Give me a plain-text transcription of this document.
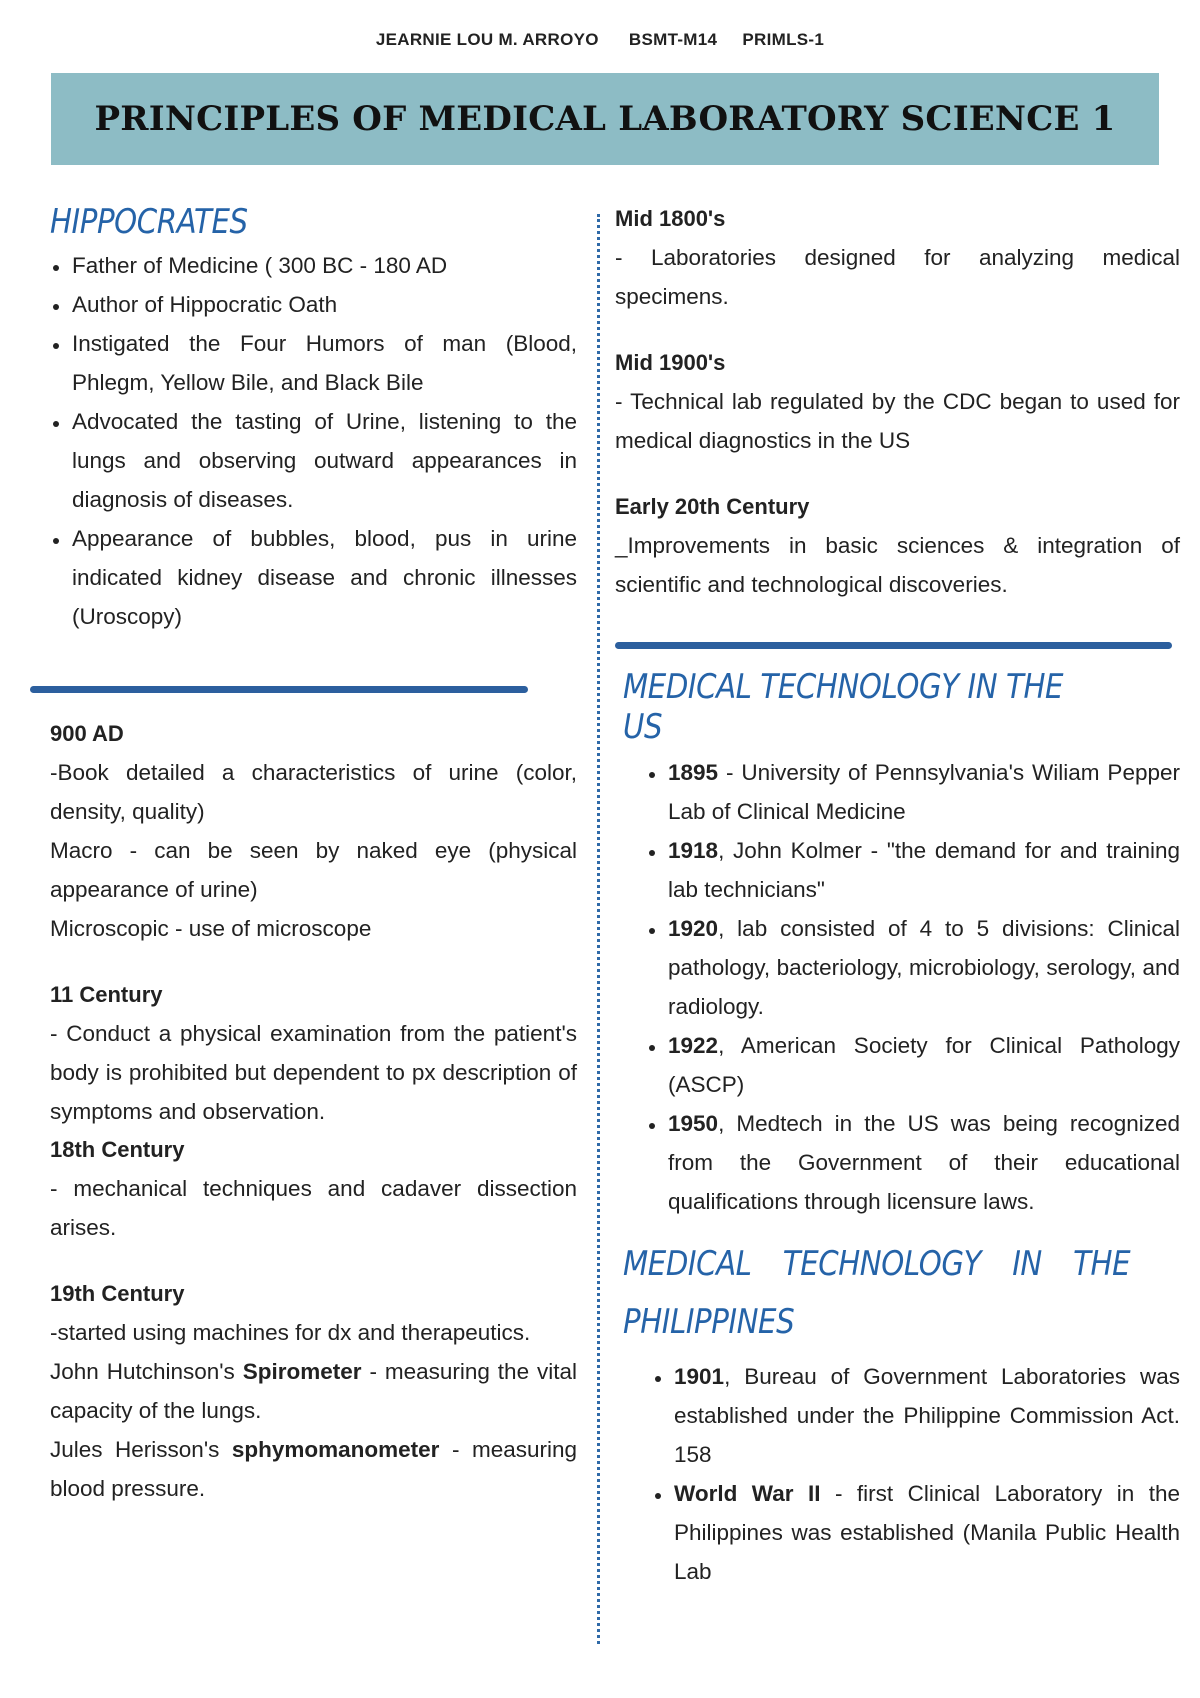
JEARNIE LOU M. ARROYO      BSMT-M14     PRIMLS-1
PRINCIPLES OF MEDICAL LABORATORY SCIENCE 1
HIPPOCRATES
• Father of Medicine ( 300 BC - 180 AD
• Author of Hippocratic Oath
• Instigated the Four Humors of man (Blood, Phlegm, Yellow Bile, and Black Bile
• Advocated the tasting of Urine, listening to the lungs and observing outward appearances in diagnosis of diseases.
• Appearance of bubbles, blood, pus in urine indicated kidney disease and chronic illnesses (Uroscopy)

900 AD

-Book detailed a characteristics of urine (color, density, quality)

Macro - can be seen by naked eye (physical appearance of urine)

Microscopic - use of microscope

11 Century

- Conduct a physical examination from the patient's body is prohibited but dependent to px description of symptoms and observation.

18th Century

- mechanical techniques and cadaver dissection arises.

19th Century

-started using machines for dx and therapeutics.

John Hutchinson's Spirometer - measuring the vital capacity of the lungs.

Jules Herisson's sphymomanometer - measuring blood pressure.

Mid 1800's

- Laboratories designed for analyzing medical specimens.

Mid 1900's

- Technical lab regulated by the CDC began to used for medical diagnostics in the US

Early 20th Century

_Improvements in basic sciences & integration of scientific and technological discoveries.

MEDICAL TECHNOLOGY IN THE US
• 1895 - University of Pennsylvania's Wiliam Pepper Lab of Clinical Medicine
• 1918, John Kolmer - "the demand for and training lab technicians"
• 1920, lab consisted of 4 to 5 divisions: Clinical pathology, bacteriology, microbiology, serology, and radiology.
• 1922, American Society for Clinical Pathology (ASCP)
• 1950, Medtech in the US was being recognized from the Government of their educational qualifications through licensure laws.
MEDICAL TECHNOLOGY IN THE
PHILIPPINES
• 1901, Bureau of Government Laboratories was established under the Philippine Commission Act. 158
• World War II - first Clinical Laboratory in the Philippines was established (Manila Public Health Lab
